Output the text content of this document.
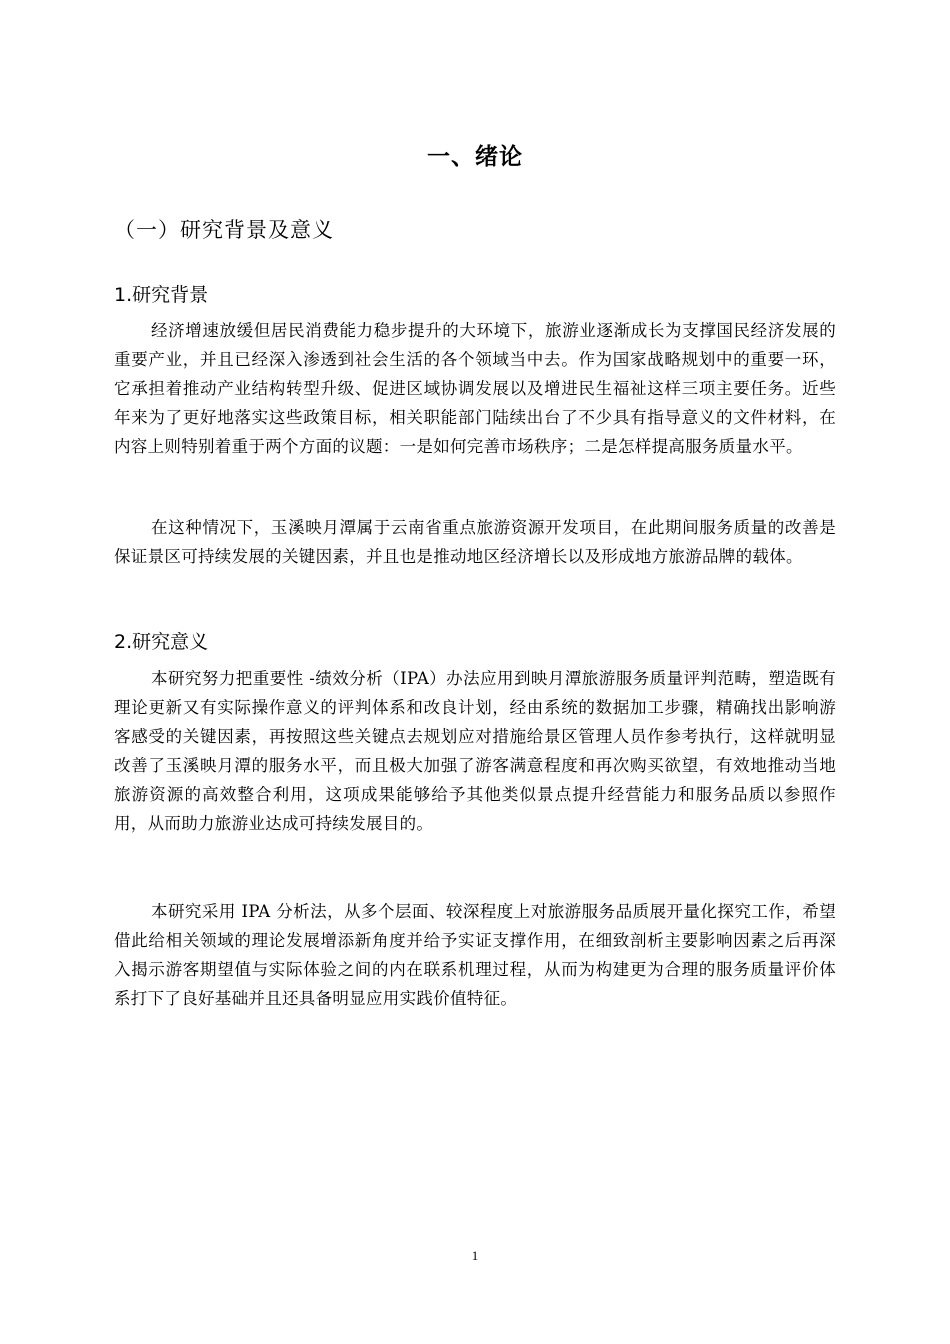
一、绪论
（一）研究背景及意义
1.研究背景

经济增速放缓但居民消费能力稳步提升的大环境下，旅游业逐渐成长为支撑国民经济发展的重要产业，并且已经深入渗透到社会生活的各个领域当中去。作为国家战略规划中的重要一环，它承担着推动产业结构转型升级、促进区域协调发展以及增进民生福祉这样三项主要任务。近些年来为了更好地落实这些政策目标，相关职能部门陆续出台了不少具有指导意义的文件材料，在内容上则特别着重于两个方面的议题：一是如何完善市场秩序；二是怎样提高服务质量水平。

在这种情况下，玉溪映月潭属于云南省重点旅游资源开发项目，在此期间服务质量的改善是保证景区可持续发展的关键因素，并且也是推动地区经济增长以及形成地方旅游品牌的载体。

2.研究意义

本研究努力把重要性 -绩效分析（IPA）办法应用到映月潭旅游服务质量评判范畴，塑造既有理论更新又有实际操作意义的评判体系和改良计划，经由系统的数据加工步骤，精确找出影响游客感受的关键因素，再按照这些关键点去规划应对措施给景区管理人员作参考执行，这样就明显改善了玉溪映月潭的服务水平，而且极大加强了游客满意程度和再次购买欲望，有效地推动当地旅游资源的高效整合利用，这项成果能够给予其他类似景点提升经营能力和服务品质以参照作用，从而助力旅游业达成可持续发展目的。

本研究采用 IPA 分析法，从多个层面、较深程度上对旅游服务品质展开量化探究工作，希望借此给相关领域的理论发展增添新角度并给予实证支撑作用，在细致剖析主要影响因素之后再深入揭示游客期望值与实际体验之间的内在联系机理过程，从而为构建更为合理的服务质量评价体系打下了良好基础并且还具备明显应用实践价值特征。

1
